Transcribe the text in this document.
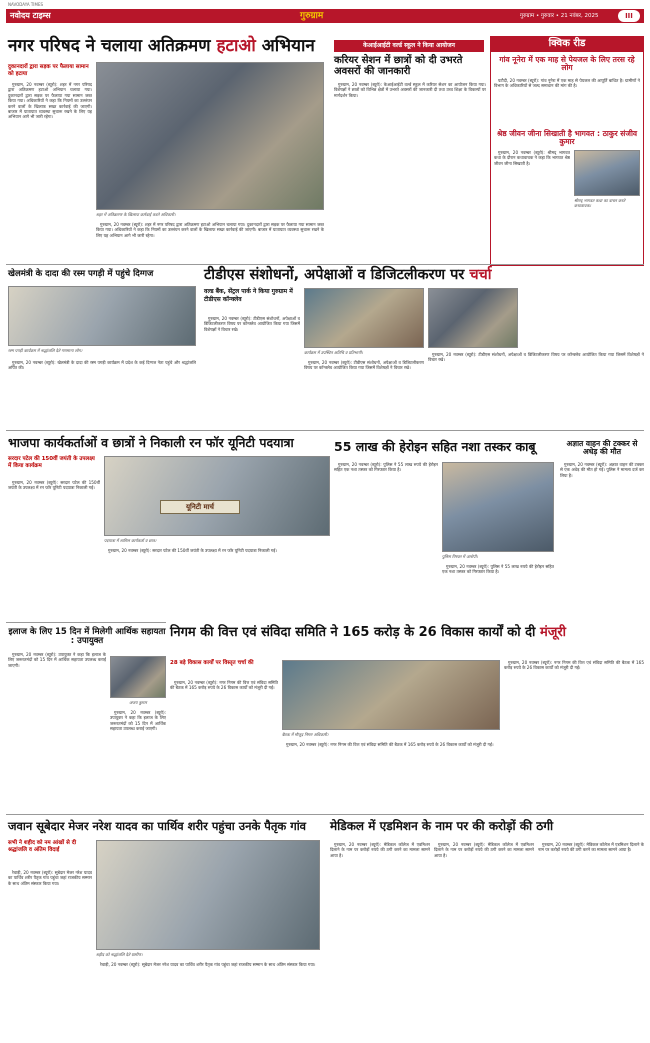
NAVODAYA TIMES
नवोदय टाइम्स	गुरुग्राम	गुरुग्राम • गुरुवार • 21 नवंबर, 2025	III
नगर परिषद ने चलाया अतिक्रमण हटाओ अभियान
दुकानदारों द्वारा सड़क पर फैलाया सामान को हटाया

गुरुग्राम, 20 नवम्बर (ब्यूरो): शहर में नगर परिषद द्वारा अतिक्रमण हटाओ अभियान चलाया गया। दुकानदारों द्वारा सड़क पर फैलाया गया सामान जब्त किया गया। अधिकारियों ने कहा कि नियमों का उल्लंघन करने वालों के खिलाफ सख्त कार्रवाई की जाएगी। बाजार में यातायात व्यवस्था सुचारू रखने के लिए यह अभियान आगे भी जारी रहेगा।

शहर में अतिक्रमण के खिलाफ कार्रवाई करते अधिकारी।

गुरुग्राम, 20 नवम्बर (ब्यूरो): शहर में नगर परिषद द्वारा अतिक्रमण हटाओ अभियान चलाया गया। दुकानदारों द्वारा सड़क पर फैलाया गया सामान जब्त किया गया। अधिकारियों ने कहा कि नियमों का उल्लंघन करने वालों के खिलाफ सख्त कार्रवाई की जाएगी। बाजार में यातायात व्यवस्था सुचारू रखने के लिए यह अभियान आगे भी जारी रहेगा।

केआईआईटी वर्ल्ड स्कूल ने किया आयोजन
करियर सेशन में छात्रों को दी उभरते अवसरों की जानकारी

गुरुग्राम, 20 नवम्बर (ब्यूरो): केआईआईटी वर्ल्ड स्कूल में करियर सेशन का आयोजन किया गया। विशेषज्ञों ने छात्रों को विभिन्न क्षेत्रों में उभरते अवसरों की जानकारी दी तथा उच्च शिक्षा के विकल्पों पर मार्गदर्शन किया।

क्विक रीड
गांव नूनेरा में एक माह से पेयजल के लिए तरस रहे लोग

पटौदी, 20 नवम्बर (ब्यूरो): गांव नूनेरा में एक माह से पेयजल की आपूर्ति बाधित है। ग्रामीणों ने विभाग के अधिकारियों से जल्द समाधान की मांग की है।

श्रेष्ठ जीवन जीना सिखाती है भागवत : ठाकुर संजीव कुमार

गुरुग्राम, 20 नवम्बर (ब्यूरो): श्रीमद् भागवत कथा के दौरान कथावाचक ने कहा कि भागवत श्रेष्ठ जीवन जीना सिखाती है।

श्रीमद् भागवत कथा का वाचन करते कथावाचक।
खेलमंत्री के दादा की रस्म पगड़ी में पहुंचे दिग्गज
रस्म पगड़ी कार्यक्रम में श्रद्धांजलि देते गणमान्य लोग।

गुरुग्राम, 20 नवम्बर (ब्यूरो): खेलमंत्री के दादा की रस्म पगड़ी कार्यक्रम में प्रदेश के कई दिग्गज नेता पहुंचे और श्रद्धांजलि अर्पित की।

टीडीएस संशोधनों, अपेक्षाओं व डिजिटलीकरण पर चर्चा
वल्ड बैंक, सेंट्रल पार्क ने किया गुरुग्राम में टीडीएस कॉन्क्लेव

गुरुग्राम, 20 नवम्बर (ब्यूरो): टीडीएस संशोधनों, अपेक्षाओं व डिजिटलीकरण विषय पर कॉन्क्लेव आयोजित किया गया जिसमें विशेषज्ञों ने विचार रखे।

कार्यक्रम में उपस्थित अतिथि व प्रतिभागी।

गुरुग्राम, 20 नवम्बर (ब्यूरो): टीडीएस संशोधनों, अपेक्षाओं व डिजिटलीकरण विषय पर कॉन्क्लेव आयोजित किया गया जिसमें विशेषज्ञों ने विचार रखे।

गुरुग्राम, 20 नवम्बर (ब्यूरो): टीडीएस संशोधनों, अपेक्षाओं व डिजिटलीकरण विषय पर कॉन्क्लेव आयोजित किया गया जिसमें विशेषज्ञों ने विचार रखे।

भाजपा कार्यकर्ताओं व छात्रों ने निकाली रन फॉर यूनिटी पदयात्रा
सरदार पटेल की 150वीं जयंती के उपलक्ष्य में किया कार्यक्रम

गुरुग्राम, 20 नवम्बर (ब्यूरो): सरदार पटेल की 150वीं जयंती के उपलक्ष्य में रन फॉर यूनिटी पदयात्रा निकाली गई।

यूनिटी मार्च
पदयात्रा में शामिल कार्यकर्ता व छात्र।

गुरुग्राम, 20 नवम्बर (ब्यूरो): सरदार पटेल की 150वीं जयंती के उपलक्ष्य में रन फॉर यूनिटी पदयात्रा निकाली गई।

55 लाख की हेरोइन सहित नशा तस्कर काबू

गुरुग्राम, 20 नवम्बर (ब्यूरो): पुलिस ने 55 लाख रुपये की हेरोइन सहित एक नशा तस्कर को गिरफ्तार किया है।

पुलिस गिरफ्त में आरोपी।

गुरुग्राम, 20 नवम्बर (ब्यूरो): पुलिस ने 55 लाख रुपये की हेरोइन सहित एक नशा तस्कर को गिरफ्तार किया है।

अज्ञात वाहन की टक्कर से अधेड़ की मौत

गुरुग्राम, 20 नवम्बर (ब्यूरो): अज्ञात वाहन की टक्कर से एक अधेड़ की मौत हो गई। पुलिस ने मामला दर्ज कर लिया है।

इलाज के लिए 15 दिन में मिलेगी आर्थिक सहायता : उपायुक्त

गुरुग्राम, 20 नवम्बर (ब्यूरो): उपायुक्त ने कहा कि इलाज के लिए जरूरतमंदों को 15 दिन में आर्थिक सहायता उपलब्ध कराई जाएगी।

अजय कुमार

गुरुग्राम, 20 नवम्बर (ब्यूरो): उपायुक्त ने कहा कि इलाज के लिए जरूरतमंदों को 15 दिन में आर्थिक सहायता उपलब्ध कराई जाएगी।

निगम की वित्त एवं संविदा समिति ने 165 करोड़ के 26 विकास कार्यों को दी मंजूरी
28 बड़े विकास कार्यों पर विस्तृत चर्चा की

गुरुग्राम, 20 नवम्बर (ब्यूरो): नगर निगम की वित्त एवं संविदा समिति की बैठक में 165 करोड़ रुपये के 26 विकास कार्यों को मंजूरी दी गई।

बैठक में मौजूद निगम अधिकारी।

गुरुग्राम, 20 नवम्बर (ब्यूरो): नगर निगम की वित्त एवं संविदा समिति की बैठक में 165 करोड़ रुपये के 26 विकास कार्यों को मंजूरी दी गई।

गुरुग्राम, 20 नवम्बर (ब्यूरो): नगर निगम की वित्त एवं संविदा समिति की बैठक में 165 करोड़ रुपये के 26 विकास कार्यों को मंजूरी दी गई।

जवान सूबेदार मेजर नरेश यादव का पार्थिव शरीर पहुंचा उनके पैतृक गांव
सभी ने शहीद को नम आंखों से दी श्रद्धांजलि व अंतिम विदाई

रेवाड़ी, 20 नवम्बर (ब्यूरो): सूबेदार मेजर नरेश यादव का पार्थिव शरीर पैतृक गांव पहुंचा जहां राजकीय सम्मान के साथ अंतिम संस्कार किया गया।

शहीद को श्रद्धांजलि देते ग्रामीण।

रेवाड़ी, 20 नवम्बर (ब्यूरो): सूबेदार मेजर नरेश यादव का पार्थिव शरीर पैतृक गांव पहुंचा जहां राजकीय सम्मान के साथ अंतिम संस्कार किया गया।

मेडिकल में एडमिशन के नाम पर की करोड़ों की ठगी

गुरुग्राम, 20 नवम्बर (ब्यूरो): मेडिकल कॉलेज में एडमिशन दिलाने के नाम पर करोड़ों रुपये की ठगी करने का मामला सामने आया है।

गुरुग्राम, 20 नवम्बर (ब्यूरो): मेडिकल कॉलेज में एडमिशन दिलाने के नाम पर करोड़ों रुपये की ठगी करने का मामला सामने आया है।

गुरुग्राम, 20 नवम्बर (ब्यूरो): मेडिकल कॉलेज में एडमिशन दिलाने के नाम पर करोड़ों रुपये की ठगी करने का मामला सामने आया है।
